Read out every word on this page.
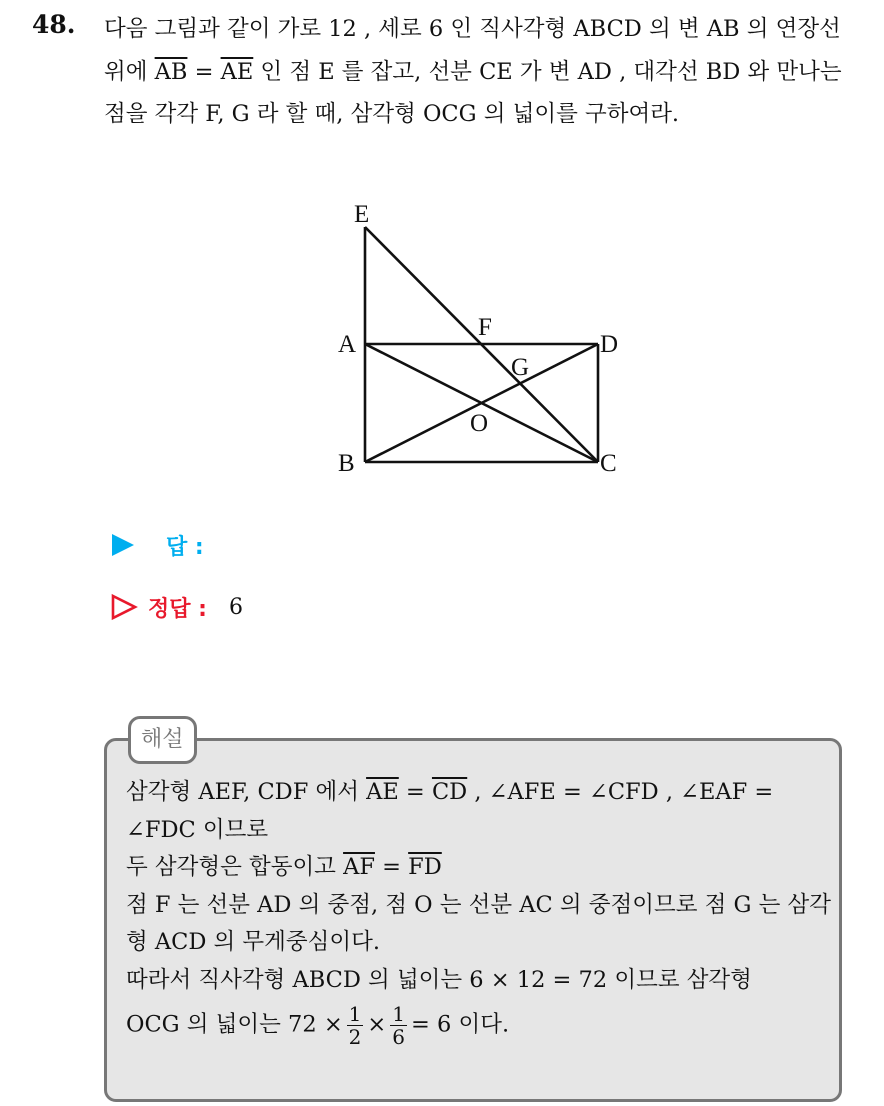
48. 다음 그림과 같이 가로 12 , 세로 6 인 직사각형 ABCD 의 변 AB 의 연장선 위에 $\overline{AB} = \overline{AE}$ 인 점 E 를 잡고, 선분 CE 가 변 AD , 대각선 BD 와 만나는 점을 각각 F, G 라 할 때, 삼각형 OCG 의 넓이를 구하여라.
E
A
F
D
G
O
B	C
답 :
정답 : 6
해설
삼각형 AEF, CDF 에서 $\overline{AE} = \overline{CD}$ , ∠AFE = ∠CFD , ∠EAF = ∠FDC 이므로
두 삼각형은 합동이고 $\overline{AF} = \overline{FD}$
점 F 는 선분 AD 의 중점, 점 O 는 선분 AC 의 중점이므로 점 G 는 삼각형 ACD 의 무게중심이다.
따라서 직사각형 ABCD 의 넓이는 6 × 12 = 72 이므로 삼각형
OCG 의 넓이는 $72 \times \frac{1}{2} \times \frac{1}{6} = 6$ 이다.
